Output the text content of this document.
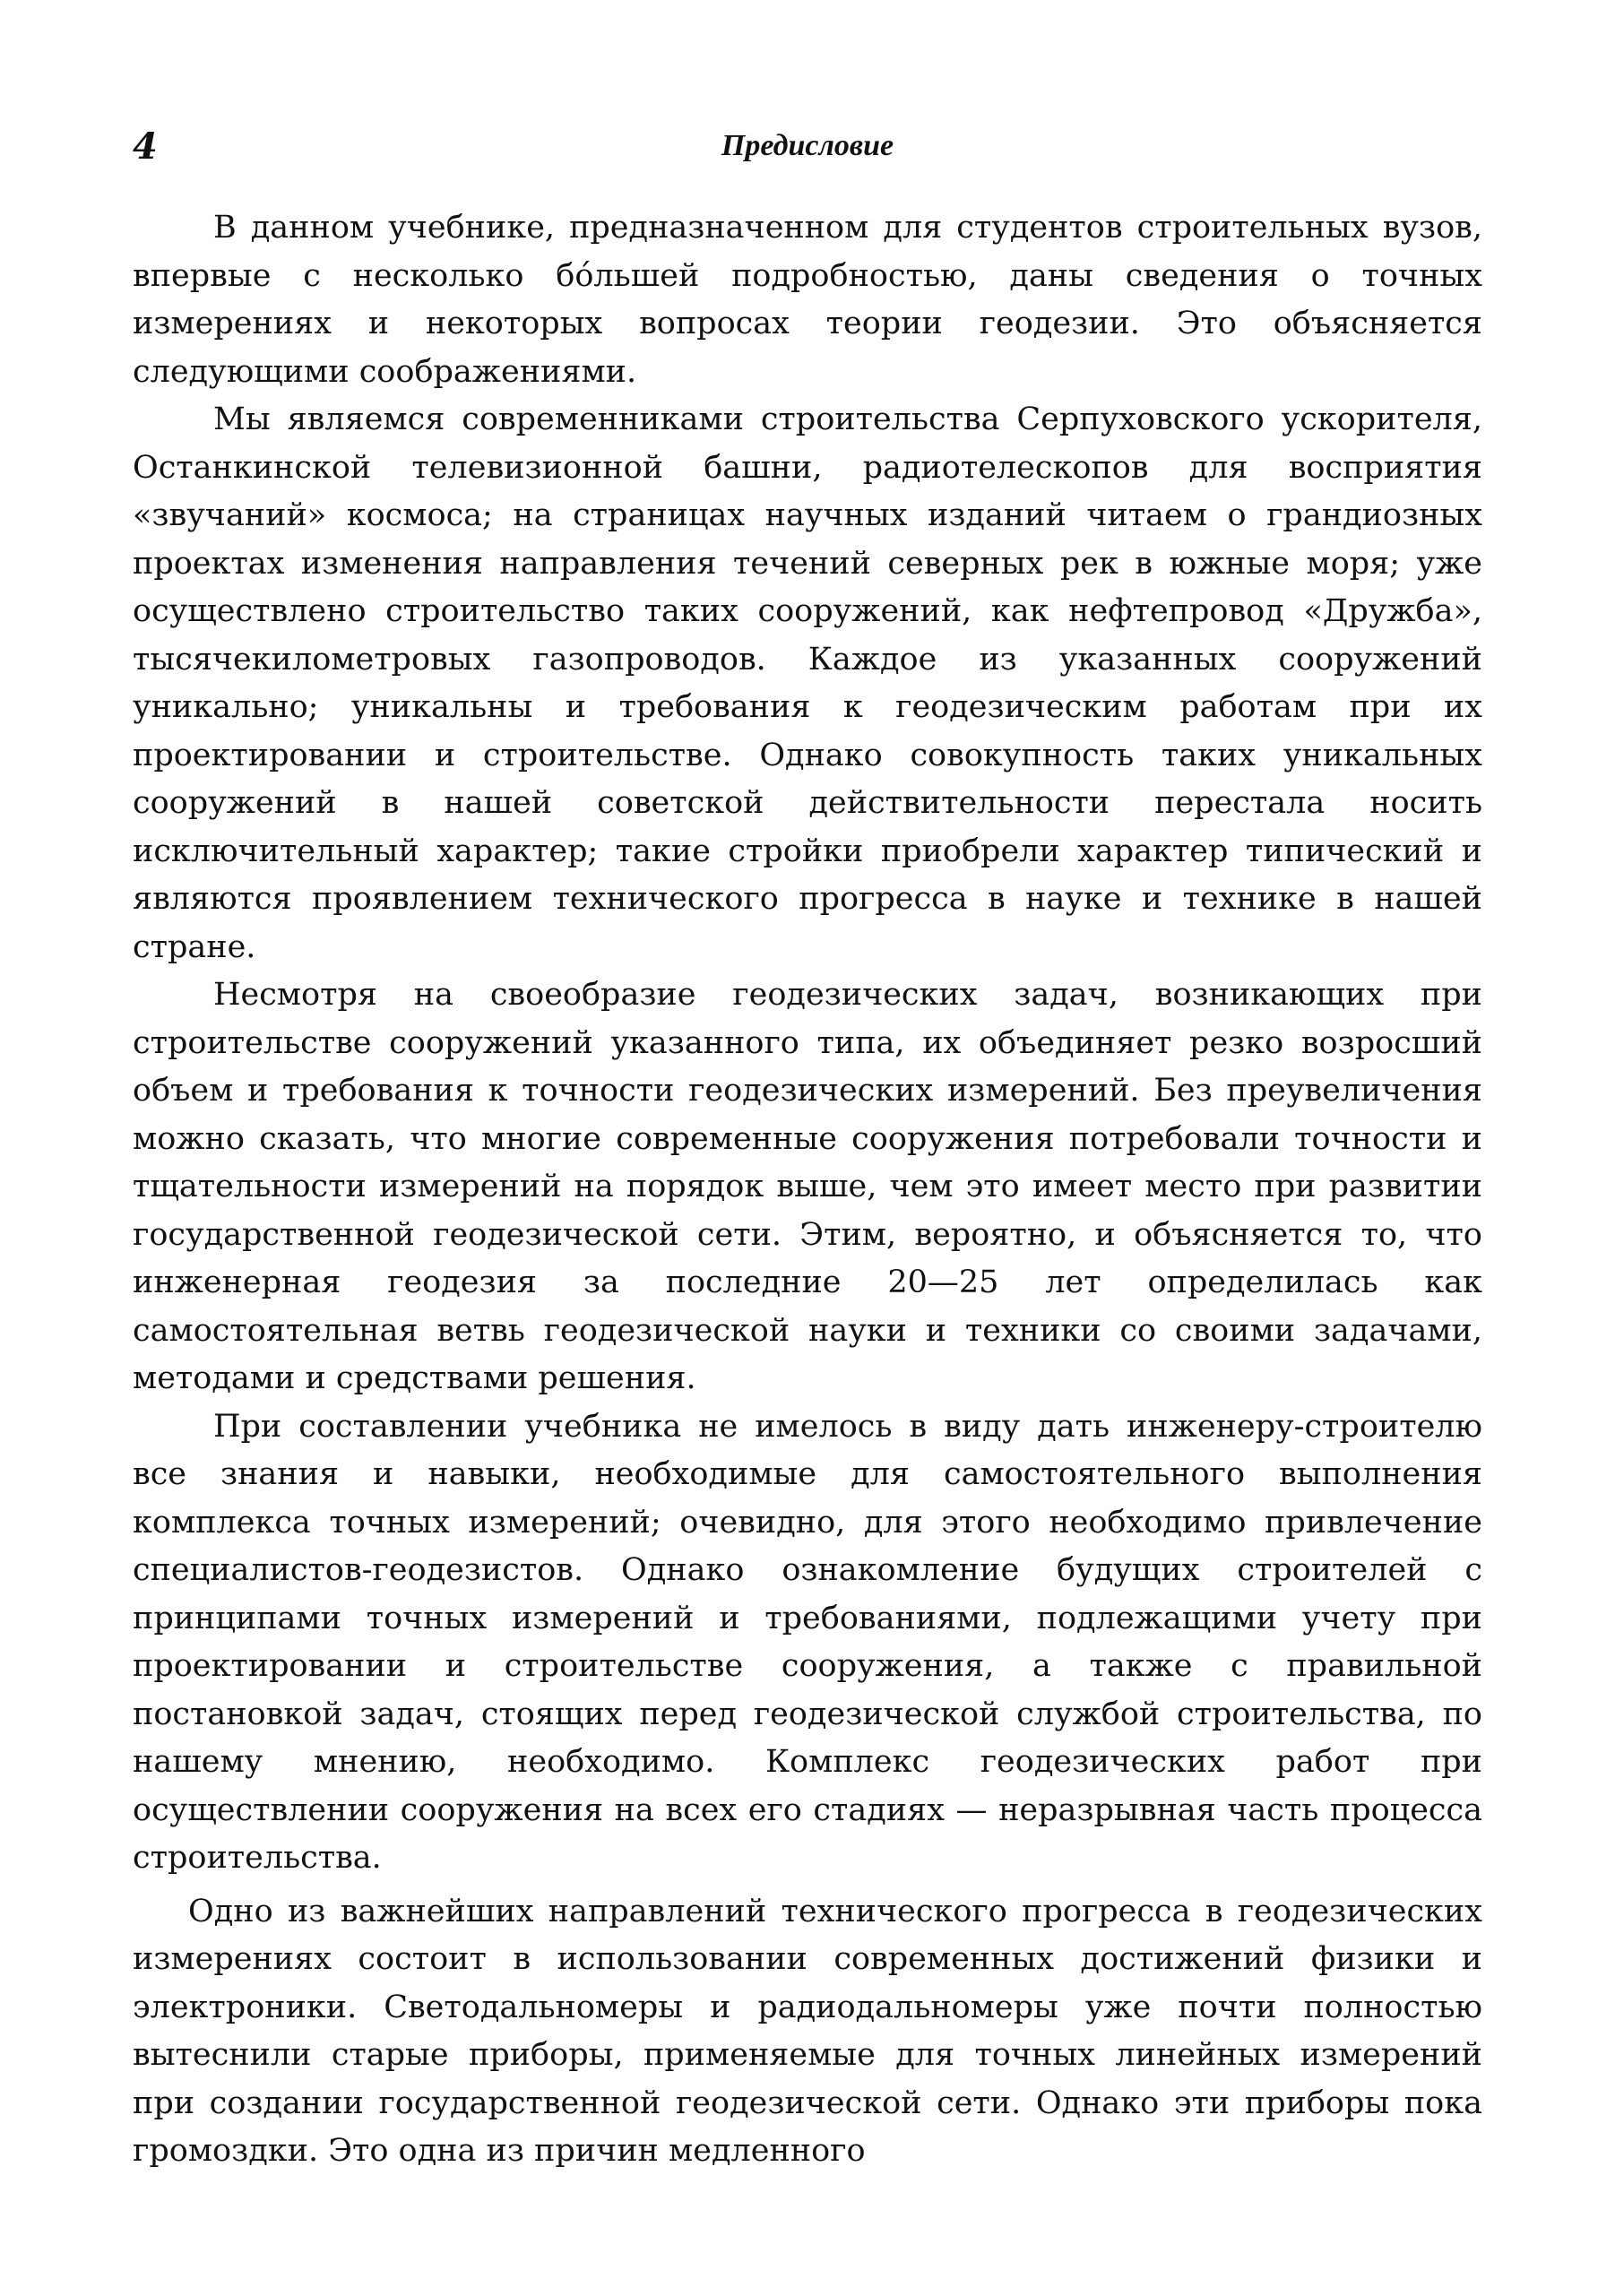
4	Предисловие

В данном учебнике, предназначенном для студентов строительных вузов, впервые с несколько бо́льшей подробностью, даны сведения о точных измерениях и некоторых вопросах теории геодезии. Это объясняется следующими соображениями.

Мы являемся современниками строительства Серпуховского ускорителя, Останкинской телевизионной башни, радиотелескопов для восприятия «звучаний» космоса; на страницах научных изданий читаем о грандиозных проектах изменения направления течений северных рек в южные моря; уже осуществлено строительство таких сооружений, как нефтепровод «Дружба», тысячекилометровых газопроводов. Каждое из указанных сооружений уникально; уникальны и требования к геодезическим работам при их проектировании и строительстве. Однако совокупность таких уникальных сооружений в нашей советской действительности перестала носить исключительный характер; такие стройки приобрели характер типический и являются проявлением технического прогресса в науке и технике в нашей стране.

Несмотря на своеобразие геодезических задач, возникающих при строительстве сооружений указанного типа, их объединяет резко возросший объем и требования к точности геодезических измерений. Без преувеличения можно сказать, что многие современные сооружения потребовали точности и тщательности измерений на порядок выше, чем это имеет место при развитии государственной геодезической сети. Этим, вероятно, и объясняется то, что инженерная геодезия за последние 20—25 лет определилась как самостоятельная ветвь геодезической науки и техники со своими задачами, методами и средствами решения.

При составлении учебника не имелось в виду дать инженеру-строителю все знания и навыки, необходимые для самостоятельного выполнения комплекса точных измерений; очевидно, для этого необходимо привлечение специалистов-геодезистов. Однако ознакомление будущих строителей с принципами точных измерений и требованиями, подлежащими учету при проектировании и строительстве сооружения, а также с правильной постановкой задач, стоящих перед геодезической службой строительства, по нашему мнению, необходимо. Комплекс геодезических работ при осуществлении сооружения на всех его стадиях — неразрывная часть процесса строительства.

Одно из важнейших направлений технического прогресса в геодезических измерениях состоит в использовании современных достижений физики и электроники. Светодальномеры и радиодальномеры уже почти полностью вытеснили старые приборы, применяемые для точных линейных измерений при создании государственной геодезической сети. Однако эти приборы пока громоздки. Это одна из причин медленного
